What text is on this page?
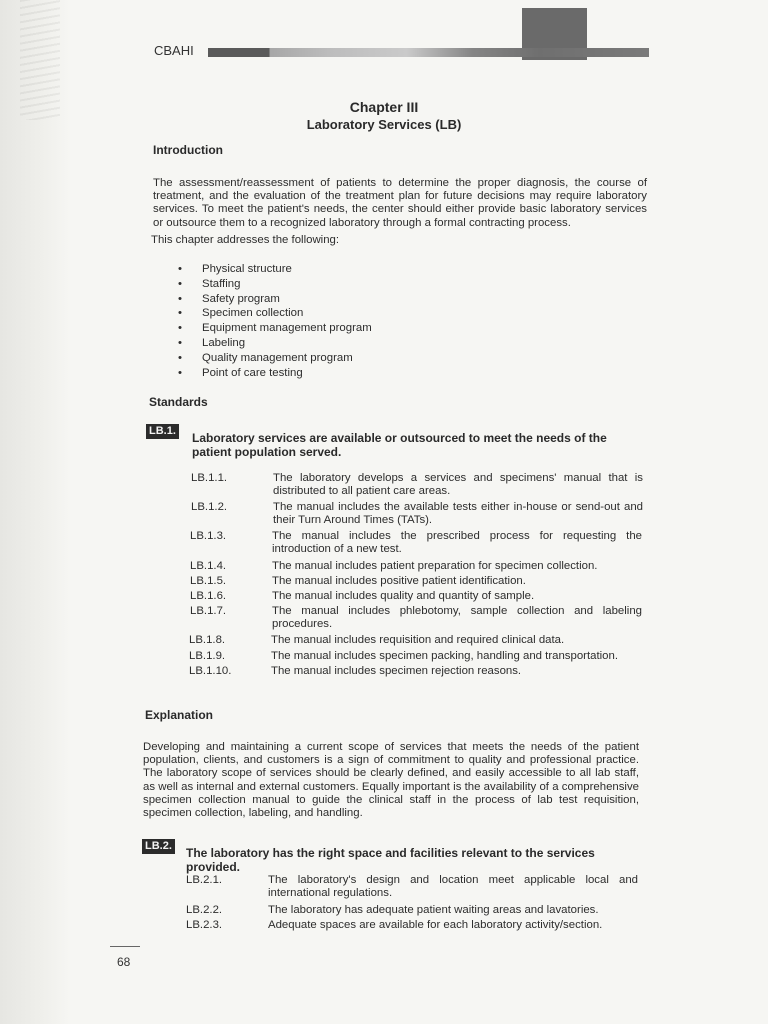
CBAHI
Chapter III
Laboratory Services (LB)
Introduction
The assessment/reassessment of patients to determine the proper diagnosis, the course of treatment, and the evaluation of the treatment plan for future decisions may require laboratory services. To meet the patient's needs, the center should either provide basic laboratory services or outsource them to a recognized laboratory through a formal contracting process.
This chapter addresses the following:
• Physical structure
• Staffing
• Safety program
• Specimen collection
• Equipment management program
• Labeling
• Quality management program
• Point of care testing
Standards
LB.1. Laboratory services are available or outsourced to meet the needs of the patient population served.
LB.1.1.	The laboratory develops a services and specimens' manual that is distributed to all patient care areas.
LB.1.2.	The manual includes the available tests either in-house or send-out and their Turn Around Times (TATs).
LB.1.3.	The manual includes the prescribed process for requesting the introduction of a new test.
LB.1.4.	The manual includes patient preparation for specimen collection.
LB.1.5.	The manual includes positive patient identification.
LB.1.6.	The manual includes quality and quantity of sample.
LB.1.7.	The manual includes phlebotomy, sample collection and labeling procedures.
LB.1.8.	The manual includes requisition and required clinical data.
LB.1.9.	The manual includes specimen packing, handling and transportation.
LB.1.10.	The manual includes specimen rejection reasons.
Explanation
Developing and maintaining a current scope of services that meets the needs of the patient population, clients, and customers is a sign of commitment to quality and professional practice. The laboratory scope of services should be clearly defined, and easily accessible to all lab staff, as well as internal and external customers. Equally important is the availability of a comprehensive specimen collection manual to guide the clinical staff in the process of lab test requisition, specimen collection, labeling, and handling.
LB.2. The laboratory has the right space and facilities relevant to the services provided.
LB.2.1.	The laboratory's design and location meet applicable local and international regulations.
LB.2.2.	The laboratory has adequate patient waiting areas and lavatories.
LB.2.3.	Adequate spaces are available for each laboratory activity/section.
68
